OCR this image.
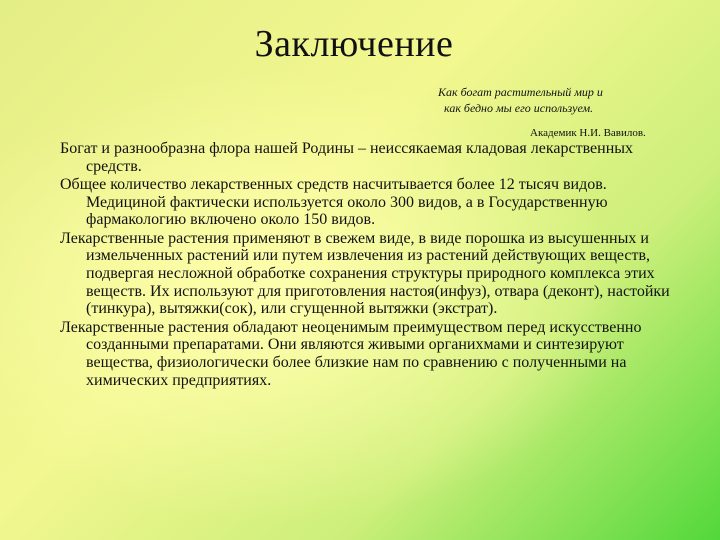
Заключение
Как богат растительный мир и
как бедно мы его используем.
Академик Н.И. Вавилов.

Богат и разнообразна флора нашей Родины – неиссякаемая кладовая лекарственных средств.

Общее количество лекарственных средств насчитывается более 12 тысяч видов. Медициной фактически используется около 300 видов, а в Государственную фармакологию включено около 150 видов.

Лекарственные растения применяют в свежем виде, в виде порошка из высушенных и измельченных растений или путем извлечения из растений действующих веществ, подвергая несложной обработке сохранения структуры природного комплекса этих веществ. Их используют для приготовления настоя(инфуз), отвара (деконт), настойки (тинкура), вытяжки(сок), или сгущенной вытяжки (экстрат).

Лекарственные растения обладают неоценимым преимуществом перед искусственно созданными препаратами. Они являются живыми органихмами и синтезируют вещества, физиологически более близкие нам по сравнению с полученными на химических предприятиях.
